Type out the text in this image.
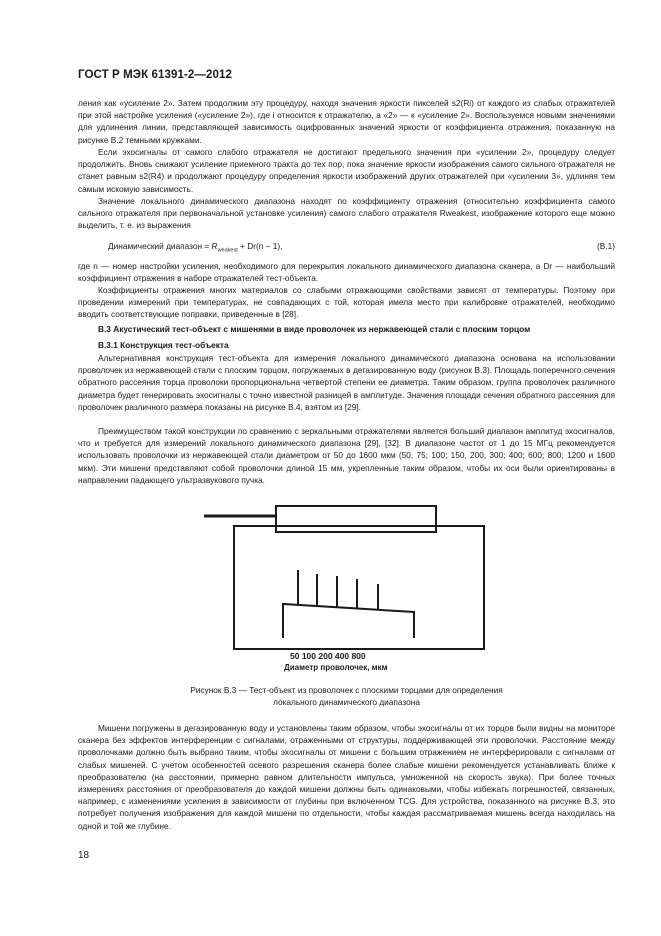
ГОСТ Р МЭК 61391-2—2012

ления как «усиление 2». Затем продолжим эту процедуру, находя значения яркости пикселей s2(Ri) от каждого из слабых отражателей при этой настройке усиления («усиление 2»), где i относится к отражателю, а «2» — к «усиление 2». Воспользуемся новыми значениями для удлинения линии, представляющей зависимость оцифрованных значений яркости от коэффициента отражения, показанную на рисунке В.2 темными кружками.

Если эхосигналы от самого слабого отражателя не достигают предельного значения при «усилении 2», процедуру следует продолжить. Вновь снижают усиление приемного тракта до тех пор, пока значение яркости изображения самого сильного отражателя не станет равным s2(R4) и продолжают процедуру определения яркости изображений других отражателей при «усилении 3», удлиняя тем самым искомую зависимость.

Значение локального динамического диапазона находят по коэффициенту отражения (относительно коэффициента самого сильного отражателя при первоначальной установке усиления) самого слабого отражателя Rweakest, изображение которого еще можно выделить, т. е. из выражения

Динамический диапазон = $R_{weakest} + Dr(n - 1)$,	(B.1)

где n — номер настройки усиления, необходимого для перекрытия локального динамического диапазона сканера, а Dr — наибольший коэффициент отражения в наборе отражателей тест-объекта.

Коэффициенты отражения многих материалов со слабыми отражающими свойствами зависят от температуры. Поэтому при проведении измерений при температурах, не совпадающих с той, которая имела место при калибровке отражателей, необходимо вводить соответствующие поправки, приведенные в [28].

В.3 Акустический тест-объект с мишенями в виде проволочек из нержавеющей стали с плоским торцом
В.3.1 Конструкция тест-объекта

Альтернативная конструкция тест-объекта для измерения локального динамического диапазона основана на использовании проволочек из нержавеющей стали с плоским торцом, погружаемых в дегазированную воду (рисунок В.3). Площадь поперечного сечения обратного рассеяния торца проволоки пропорциональна четвертой степени ее диаметра. Таким образом, группа проволочек различного диаметра будет генерировать эхосигналы с точно известной разницей в амплитуде. Значения площади сечения обратного рассеяния для проволочек различного размера показаны на рисунке В.4, взятом из [29].

Преимуществом такой конструкции по сравнению с зеркальными отражателями является больший диапазон амплитуд эхосигналов, что и требуется для измерений локального динамического диапазона [29], [32]. В диапазоне частот от 1 до 15 МГц рекомендуется использовать проволочки из нержавеющей стали диаметром от 50 до 1600 мкм (50, 75; 100; 150, 200, 300; 400; 600; 800; 1200 и 1600 мкм). Эти мишени представляют собой проволочки длиной 15 мм, укрепленные таким образом, чтобы их оси были ориентированы в направлении падающего ультразвукового пучка.

50 100 200 400 800
Диаметр проволочек, мкм
Рисунок В.3 — Тест-объект из проволочек с плоскими торцами для определения
локального динамического диапазона

Мишени погружены в дегазированную воду и установлены таким образом, чтобы эхосигналы от их торцов были видны на мониторе сканера без эффектов интерференции с сигналами, отраженными от структуры, поддерживающей эти проволочки. Расстояние между проволочками должно быть выбрано таким, чтобы эхосигналы от мишени с большим отражением не интерферировали с сигналами от слабых мишеней. С учетом особенностей осевого разрешения сканера более слабые мишени рекомендуется устанавливать ближе к преобразователю (на расстоянии, примерно равном длительности импульса, умноженной на скорость звука). При более точных измерениях расстояния от преобразователя до каждой мишени должны быть одинаковыми, чтобы избежать погрешностей, связанных, например, с изменениями усиления в зависимости от глубины при включенном TCG. Для устройства, показанного на рисунке В.3, это потребует получения изображения для каждой мишени по отдельности, чтобы каждая рассматриваемая мишень всегда находилась на одной и той же глубине.

18
